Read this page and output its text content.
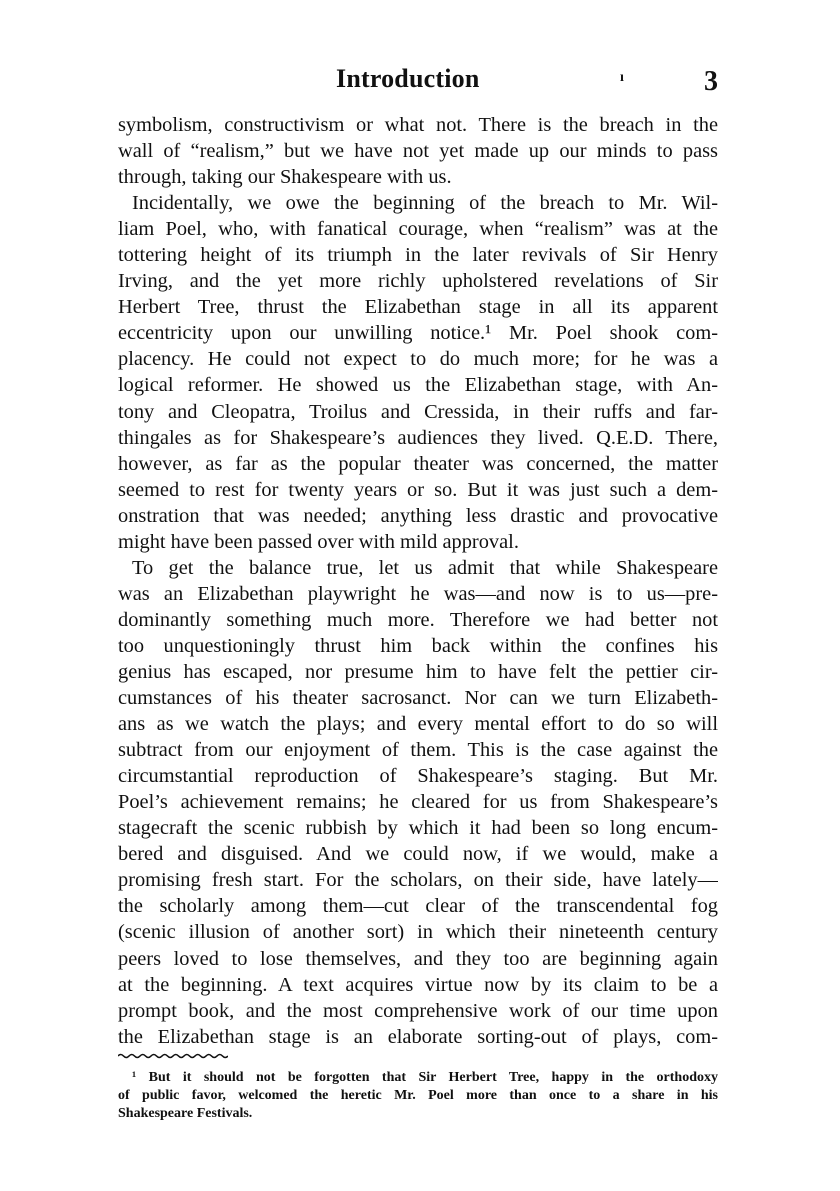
Introduction	ı	3
symbolism, constructivism or what not. There is the breach in the
wall of “realism,” but we have not yet made up our minds to pass
through, taking our Shakespeare with us.
Incidentally, we owe the beginning of the breach to Mr. Wil-
liam Poel, who, with fanatical courage, when “realism” was at the
tottering height of its triumph in the later revivals of Sir Henry
Irving, and the yet more richly upholstered revelations of Sir
Herbert Tree, thrust the Elizabethan stage in all its apparent
eccentricity upon our unwilling notice.¹ Mr. Poel shook com-
placency. He could not expect to do much more; for he was a
logical reformer. He showed us the Elizabethan stage, with An-
tony and Cleopatra, Troilus and Cressida, in their ruffs and far-
thingales as for Shakespeare’s audiences they lived. Q.E.D. There,
however, as far as the popular theater was concerned, the matter
seemed to rest for twenty years or so. But it was just such a dem-
onstration that was needed; anything less drastic and provocative
might have been passed over with mild approval.
To get the balance true, let us admit that while Shakespeare
was an Elizabethan playwright he was—and now is to us—pre-
dominantly something much more. Therefore we had better not
too unquestioningly thrust him back within the confines his
genius has escaped, nor presume him to have felt the pettier cir-
cumstances of his theater sacrosanct. Nor can we turn Elizabeth-
ans as we watch the plays; and every mental effort to do so will
subtract from our enjoyment of them. This is the case against the
circumstantial reproduction of Shakespeare’s staging. But Mr.
Poel’s achievement remains; he cleared for us from Shakespeare’s
stagecraft the scenic rubbish by which it had been so long encum-
bered and disguised. And we could now, if we would, make a
promising fresh start. For the scholars, on their side, have lately—
the scholarly among them—cut clear of the transcendental fog
(scenic illusion of another sort) in which their nineteenth century
peers loved to lose themselves, and they too are beginning again
at the beginning. A text acquires virtue now by its claim to be a
prompt book, and the most comprehensive work of our time upon
the Elizabethan stage is an elaborate sorting-out of plays, com-
¹ But it should not be forgotten that Sir Herbert Tree, happy in the orthodoxy
of public favor, welcomed the heretic Mr. Poel more than once to a share in his
Shakespeare Festivals.
